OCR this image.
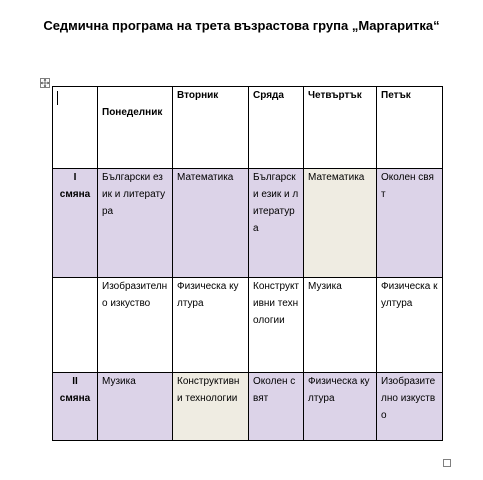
Седмична програма на трета възрастова група „Маргаритка“
	Понеделник	Вторник	Сряда	Четвъртък	Петък

I
смяна	Български език и литература	Математика	Български език и литература	Математика	Околен свят
	Изобразително изкуство	Физическа култура	Конструктивни технологии	Музика	Физическа култура

II
смяна	Музика	Конструктивни технологии	Околен свят	Физическа култура	Изобразително изкуство
